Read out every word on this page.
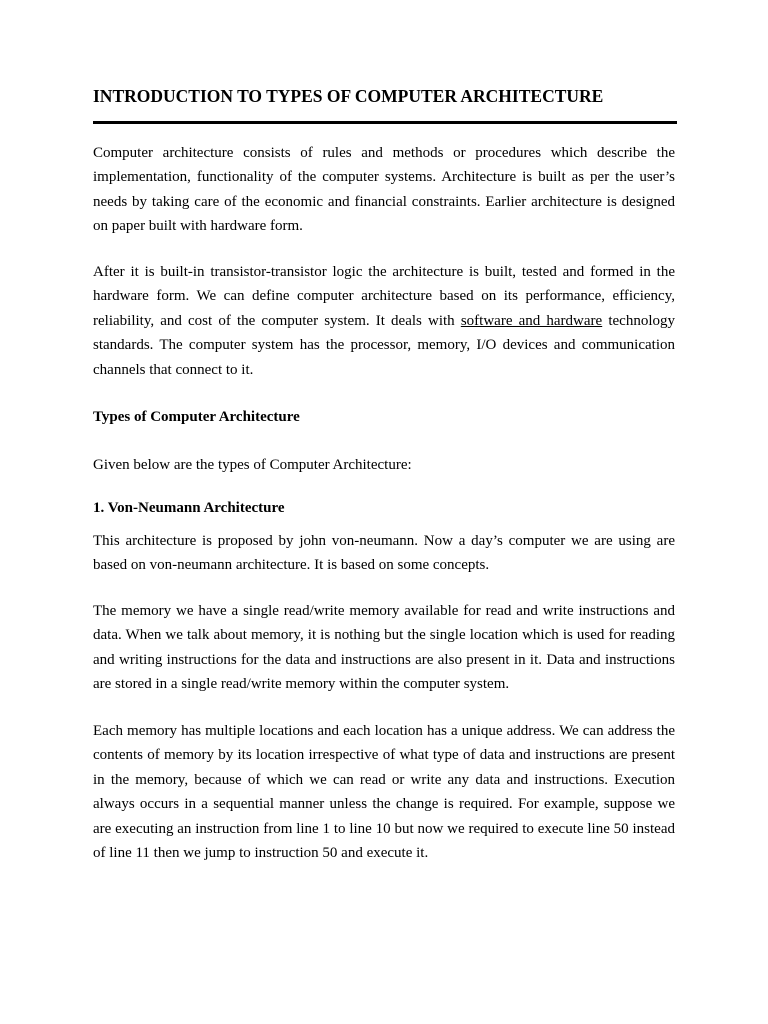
INTRODUCTION TO TYPES OF COMPUTER ARCHITECTURE

Computer architecture consists of rules and methods or procedures which describe the implementation, functionality of the computer systems. Architecture is built as per the user’s needs by taking care of the economic and financial constraints. Earlier architecture is designed on paper built with hardware form.

After it is built-in transistor-transistor logic the architecture is built, tested and formed in the hardware form. We can define computer architecture based on its performance, efficiency, reliability, and cost of the computer system. It deals with software and hardware technology standards. The computer system has the processor, memory, I/O devices and communication channels that connect to it.

Types of Computer Architecture

Given below are the types of Computer Architecture:

1. Von-Neumann Architecture

This architecture is proposed by john von-neumann. Now a day’s computer we are using are based on von-neumann architecture. It is based on some concepts.

The memory we have a single read/write memory available for read and write instructions and data. When we talk about memory, it is nothing but the single location which is used for reading and writing instructions for the data and instructions are also present in it. Data and instructions are stored in a single read/write memory within the computer system.

Each memory has multiple locations and each location has a unique address. We can address the contents of memory by its location irrespective of what type of data and instructions are present in the memory, because of which we can read or write any data and instructions. Execution always occurs in a sequential manner unless the change is required. For example, suppose we are executing an instruction from line 1 to line 10 but now we required to execute line 50 instead of line 11 then we jump to instruction 50 and execute it.
